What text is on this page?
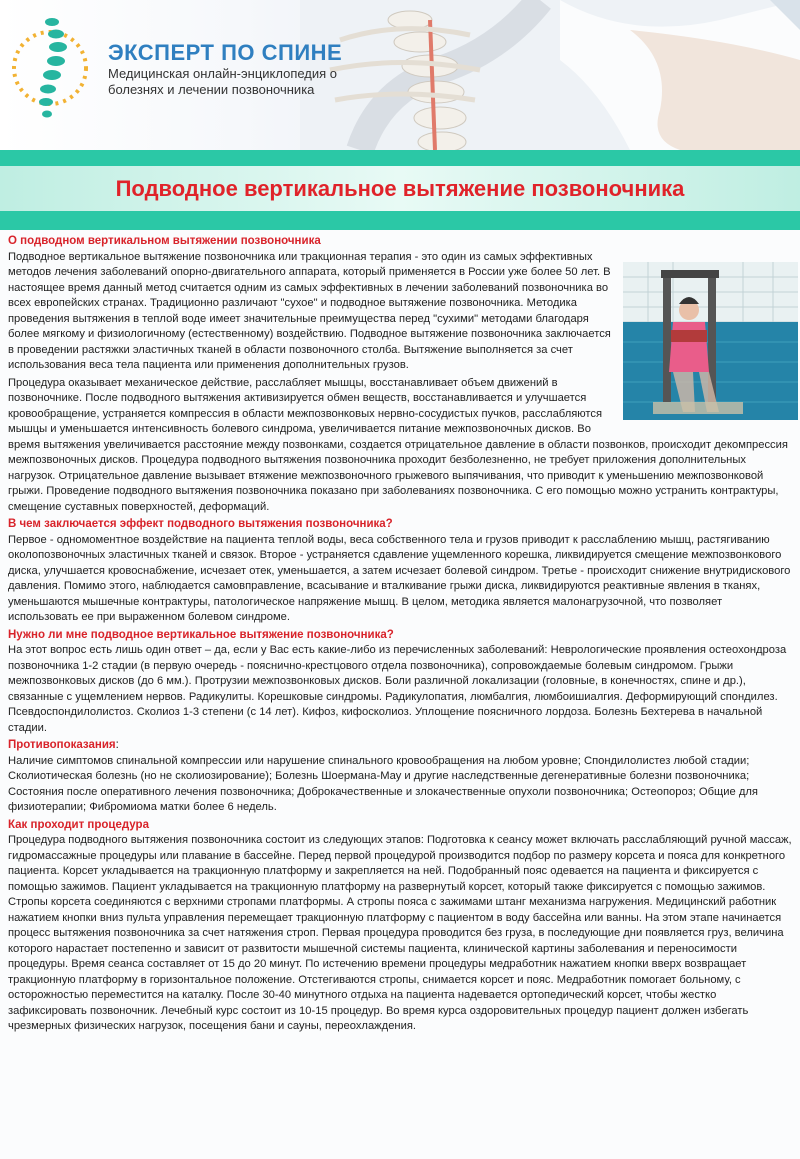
ЭКСПЕРТ ПО СПИНЕ
Медицинская онлайн-энциклопедия о болезнях и лечении позвоночника
Подводное вертикальное вытяжение позвоночника
О подводном вертикальном вытяжении позвоночника

Подводное вертикальное вытяжение позвоночника или тракционная терапия - это один из самых эффективных методов лечения заболеваний опорно-двигательного аппарата, который применяется в России уже более 50 лет. В настоящее время данный метод считается одним из самых эффективных в лечении заболеваний позвоночника во всех европейских странах. Традиционно различают "сухое" и подводное вытяжение позвоночника. Методика проведения вытяжения в теплой воде имеет значительные преимущества перед "сухими" методами благодаря более мягкому и физиологичному (естественному) воздействию. Подводное вытяжение позвоночника заключается в проведении растяжки эластичных тканей в области позвоночного столба. Вытяжение выполняется за счет использования веса тела пациента или применения дополнительных грузов.

Процедура оказывает механическое действие, расслабляет мышцы, восстанавливает объем движений в позвоночнике. После подводного вытяжения активизируется обмен веществ, восстанавливается и улучшается кровообращение, устраняется компрессия в области межпозвонковых нервно-сосудистых пучков, расслабляются мышцы и уменьшается интенсивность болевого синдрома, увеличивается питание межпозвоночных дисков. Во время вытяжения увеличивается расстояние между позвонками, создается отрицательное давление в области позвонков, происходит декомпрессия межпозвоночных дисков. Процедура подводного вытяжения позвоночника проходит безболезненно, не требует приложения дополнительных нагрузок. Отрицательное давление вызывает втяжение межпозвоночного грыжевого выпячивания, что приводит к уменьшению межпозвонковой грыжи. Проведение подводного вытяжения позвоночника показано при заболеваниях позвоночника. С его помощью можно устранить контрактуры, смещение суставных поверхностей, деформаций.

В чем заключается эффект подводного вытяжения позвоночника?

Первое - одномоментное воздействие на пациента теплой воды, веса собственного тела и грузов приводит к расслаблению мышц, растягиванию околопозвоночных эластичных тканей и связок. Второе - устраняется сдавление ущемленного корешка, ликвидируется смещение межпозвонкового диска, улучшается кровоснабжение, исчезает отек, уменьшается, а затем исчезает болевой синдром. Третье - происходит снижение внутридискового давления. Помимо этого, наблюдается самовправление, всасывание и вталкивание грыжи диска, ликвидируются реактивные явления в тканях, уменьшаются мышечные контрактуры, патологическое напряжение мышц. В целом, методика является малонагрузочной, что позволяет использовать ее при выраженном болевом синдроме.

Нужно ли мне подводное вертикальное вытяжение позвоночника?

На этот вопрос есть лишь один ответ – да, если у Вас есть какие-либо из перечисленных заболеваний: Неврологические проявления остеохондроза позвоночника 1-2 стадии (в первую очередь - пояснично-крестцового отдела позвоночника), сопровождаемые болевым синдромом. Грыжи межпозвонковых дисков (до 6 мм.). Протрузии межпозвонковых дисков. Боли различной локализации (головные, в конечностях, спине и др.), связанные с ущемлением нервов. Радикулиты. Корешковые синдромы. Радикулопатия, люмбалгия, люмбоишиалгия. Деформирующий спондилез. Псевдоспондилолистоз. Сколиоз 1-3 степени (с 14 лет). Кифоз, кифосколиоз. Уплощение поясничного лордоза. Болезнь Бехтерева в начальной стадии.

Противопоказания:

Наличие симптомов спинальной компрессии или нарушение спинального кровообращения на любом уровне; Спондилолистез любой стадии; Сколиотическая болезнь (но не сколиозирование); Болезнь Шоермана-Мау и другие наследственные дегенеративные болезни позвоночника; Состояния после оперативного лечения позвоночника; Доброкачественные и злокачественные опухоли позвоночника; Остеопороз; Общие для физиотерапии; Фибромиома матки более 6 недель.

Как проходит процедура

Процедура подводного вытяжения позвоночника состоит из следующих этапов: Подготовка к сеансу может включать расслабляющий ручной массаж, гидромассажные процедуры или плавание в бассейне. Перед первой процедурой производится подбор по размеру корсета и пояса для конкретного пациента. Корсет укладывается на тракционную платформу и закрепляется на ней. Подобранный пояс одевается на пациента и фиксируется с помощью зажимов. Пациент укладывается на тракционную платформу на развернутый корсет, который также фиксируется с помощью зажимов. Стропы корсета соединяются с верхними стропами платформы. А стропы пояса с зажимами штанг механизма нагружения. Медицинский работник нажатием кнопки вниз пульта управления перемещает тракционную платформу с пациентом в воду бассейна или ванны. На этом этапе начинается процесс вытяжения позвоночника за счет натяжения строп. Первая процедура проводится без груза, в последующие дни появляется груз, величина которого нарастает постепенно и зависит от развитости мышечной системы пациента, клинической картины заболевания и переносимости процедуры. Время сеанса составляет от 15 до 20 минут. По истечению времени процедуры медработник нажатием кнопки вверх возвращает тракционную платформу в горизонтальное положение. Отстегиваются стропы, снимается корсет и пояс. Медработник помогает больному, с осторожностью переместится на каталку. После 30-40 минутного отдыха на пациента надевается ортопедический корсет, чтобы жестко зафиксировать позвоночник. Лечебный курс состоит из 10-15 процедур. Во время курса оздоровительных процедур пациент должен избегать чрезмерных физических нагрузок, посещения бани и сауны, переохлаждения.
